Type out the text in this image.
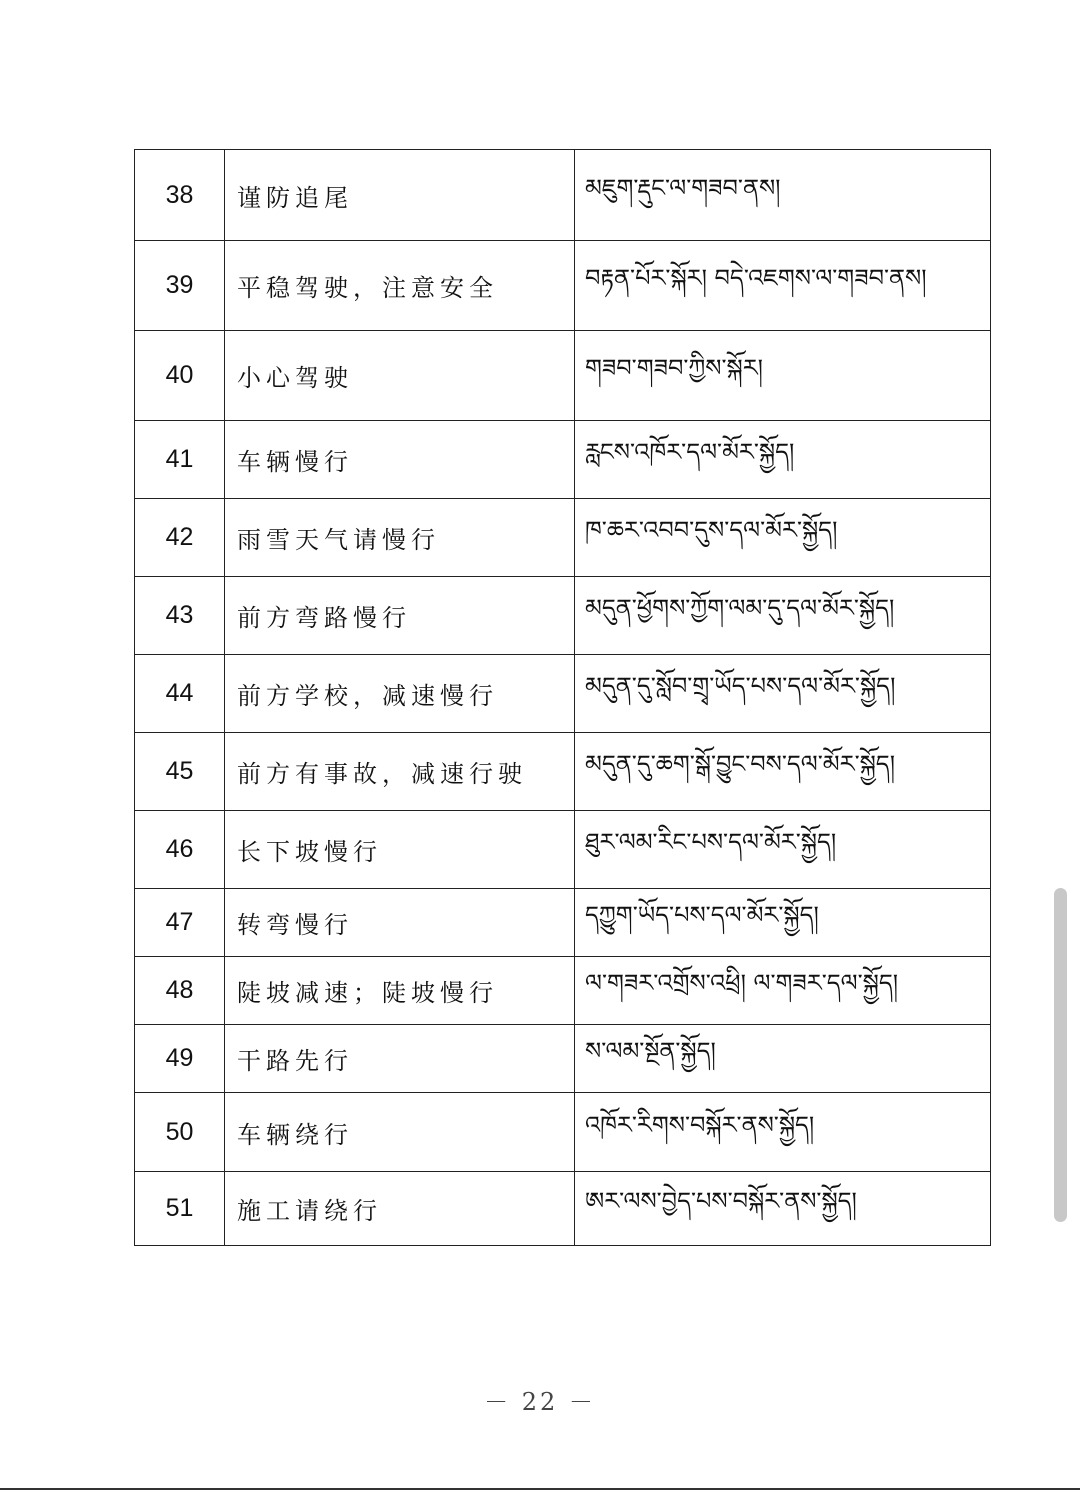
38	谨防追尾	མཇུག་རྡུང་ལ་གཟབ་ནས།
39	平稳驾驶，注意安全	བརྟན་པོར་སྐོར། བདེ་འཇགས་ལ་གཟབ་ནས།
40	小心驾驶	གཟབ་གཟབ་ཀྱིས་སྐོར།
41	车辆慢行	རླངས་འཁོར་དལ་མོར་སྐྱོད།
42	雨雪天气请慢行	ཁ་ཆར་འབབ་དུས་དལ་མོར་སྐྱོད།
43	前方弯路慢行	མདུན་ཕྱོགས་ཀྱོག་ལམ་དུ་དལ་མོར་སྐྱོད།
44	前方学校，减速慢行	མདུན་དུ་སློབ་གྲྭ་ཡོད་པས་དལ་མོར་སྐྱོད།
45	前方有事故，减速行驶	མདུན་དུ་ཆག་སྒོ་བྱུང་བས་དལ་མོར་སྐྱོད།
46	长下坡慢行	ཐུར་ལམ་རིང་པས་དལ་མོར་སྐྱོད།
47	转弯慢行	དཀྱུག་ཡོད་པས་དལ་མོར་སྐྱོད།
48	陡坡减速；陡坡慢行	ལ་གཟར་འགྲོས་འཕྲི། ལ་གཟར་དལ་སྐྱོད།
49	干路先行	ས་ལམ་སྔོན་སྐྱོད།
50	车辆绕行	འཁོར་རིགས་བསྐོར་ནས་སྐྱོད།
51	施工请绕行	ཨར་ལས་བྱེད་པས་བསྐོར་ནས་སྐྱོད།
－ 22 －
